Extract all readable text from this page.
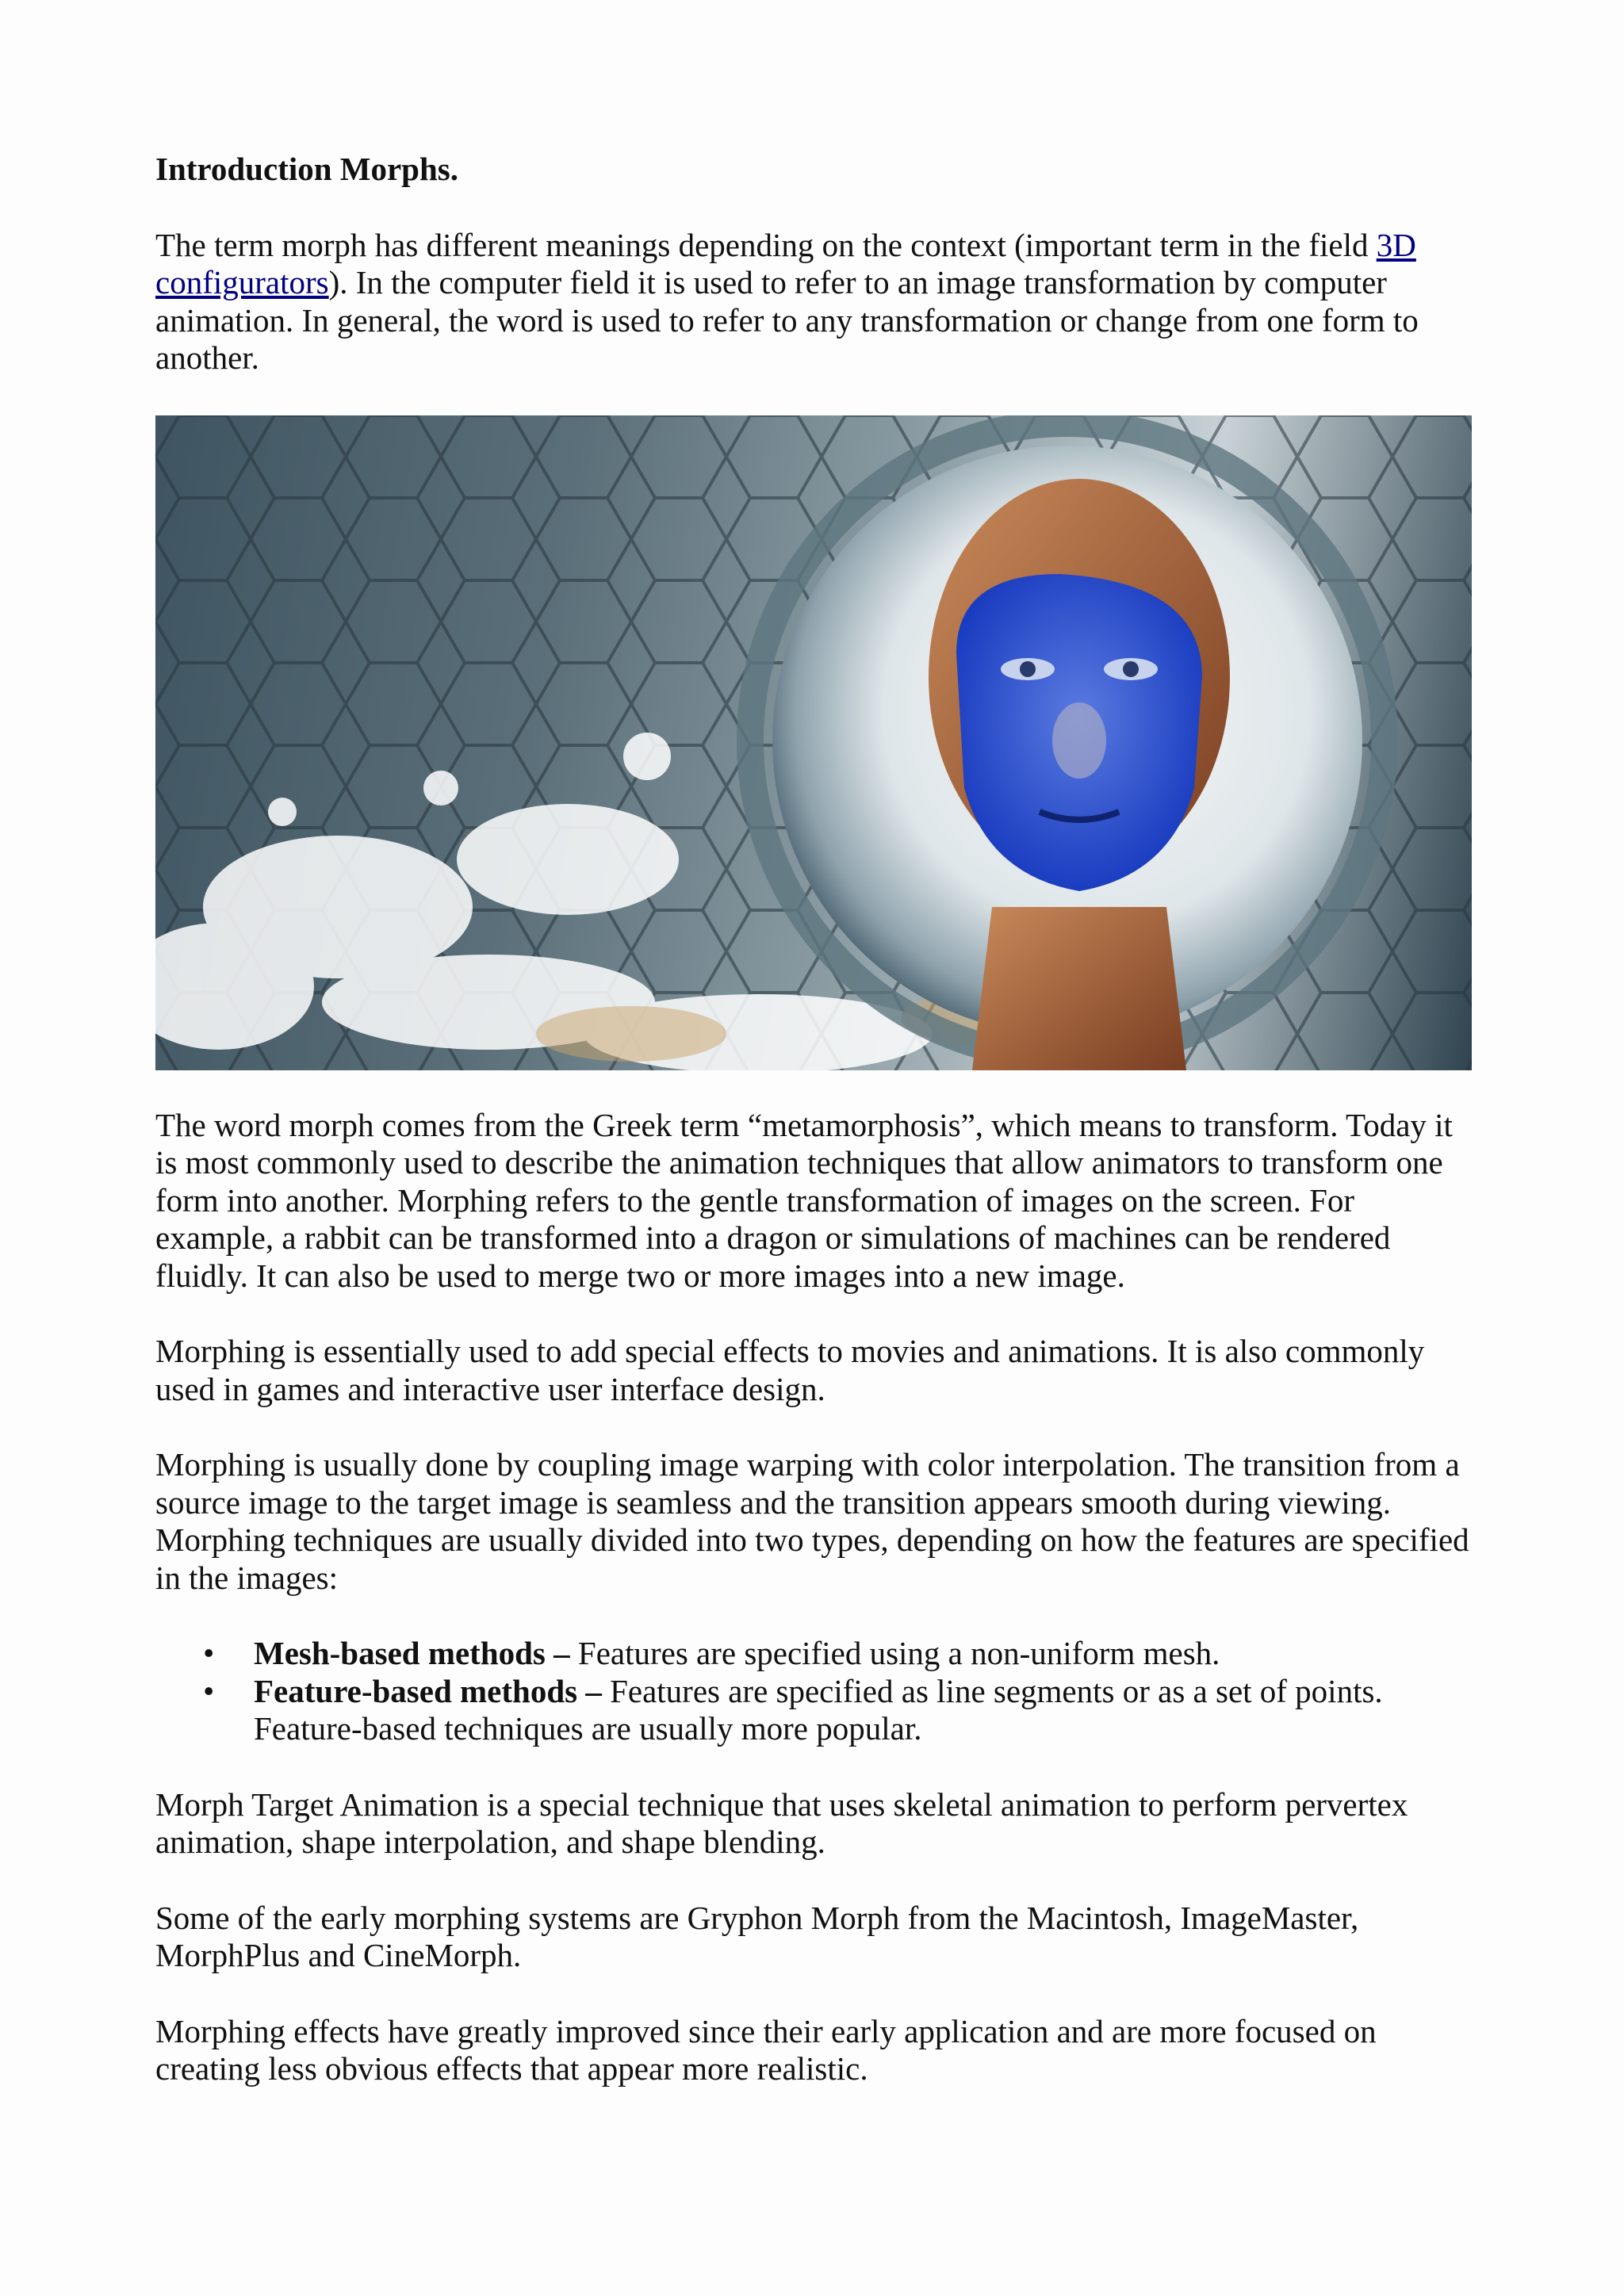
Introduction Morphs.

The term morph has different meanings depending on the context (important term in the field 3D configurators). In the computer field it is used to refer to an image transformation by computer animation. In general, the word is used to refer to any transformation or change from one form to another.

The word morph comes from the Greek term “metamorphosis”, which means to transform. Today it is most commonly used to describe the animation techniques that allow animators to transform one form into another. Morphing refers to the gentle transformation of images on the screen. For example, a rabbit can be transformed into a dragon or simulations of machines can be rendered fluidly. It can also be used to merge two or more images into a new image.

Morphing is essentially used to add special effects to movies and animations. It is also commonly used in games and interactive user interface design.

Morphing is usually done by coupling image warping with color interpolation. The transition from a source image to the target image is seamless and the transition appears smooth during viewing. Morphing techniques are usually divided into two types, depending on how the features are specified in the images:

• Mesh-based methods – Features are specified using a non-uniform mesh.
• Feature-based methods – Features are specified as line segments or as a set of points. Feature-based techniques are usually more popular.

Morph Target Animation is a special technique that uses skeletal animation to perform pervertex animation, shape interpolation, and shape blending.

Some of the early morphing systems are Gryphon Morph from the Macintosh, ImageMaster, MorphPlus and CineMorph.

Morphing effects have greatly improved since their early application and are more focused on creating less obvious effects that appear more realistic.
